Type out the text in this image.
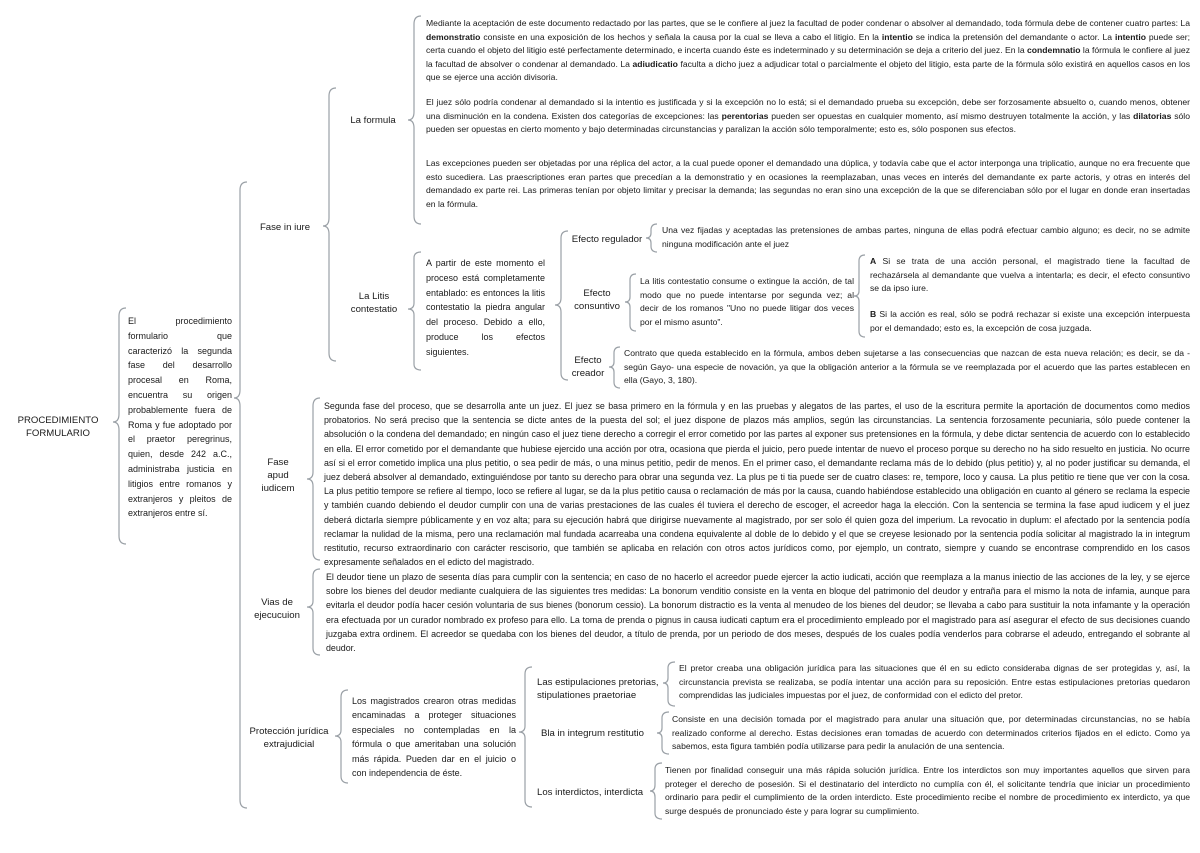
PROCEDIMIENTO FORMULARIO
El procedimiento formulario que caracterizó la segunda fase del desarrollo procesal en Roma, encuentra su origen probablemente fuera de Roma y fue adoptado por el praetor peregrinus, quien, desde 242 a.C., administraba justicia en litigios entre romanos y extranjeros y pleitos de extranjeros entre sí.
Fase in iure
La formula
Mediante la aceptación de este documento redactado por las partes, que se le confiere al juez la facultad de poder condenar o absolver al demandado, toda fórmula debe de contener cuatro partes: La demonstratio consiste en una exposición de los hechos y señala la causa por la cual se lleva a cabo el litigio. En la intentio se indica la pretensión del demandante o actor. La intentio puede ser; certa cuando el objeto del litigio esté perfectamente determinado, e incerta cuando éste es indeterminado y su determinación se deja a criterio del juez. En la condemnatio la fórmula le confiere al juez la facultad de absolver o condenar al demandado. La adiudicatio faculta a dicho juez a adjudicar total o parcialmente el objeto del litigio, esta parte de la fórmula sólo existirá en aquellos casos en los que se ejerce una acción divisoria.
El juez sólo podría condenar al demandado si la intentio es justificada y si la excepción no lo está; si el demandado prueba su excepción, debe ser forzosamente absuelto o, cuando menos, obtener una disminución en la condena. Existen dos categorías de excepciones: las perentorias pueden ser opuestas en cualquier momento, así mismo destruyen totalmente la acción, y las dilatorias sólo pueden ser opuestas en cierto momento y bajo determinadas circunstancias y paralizan la acción sólo temporalmente; esto es, sólo posponen sus efectos.
Las excepciones pueden ser objetadas por una réplica del actor, a la cual puede oponer el demandado una dúplica, y todavía cabe que el actor interponga una triplicatio, aunque no era frecuente que esto sucediera. Las praescriptiones eran partes que precedían a la demonstratio y en ocasiones la reemplazaban, unas veces en interés del demandante ex parte actoris, y otras en interés del demandado ex parte rei. Las primeras tenían por objeto limitar y precisar la demanda; las segundas no eran sino una excepción de la que se diferenciaban sólo por el lugar en donde eran insertadas en la fórmula.
La Litis contestatio
A partir de este momento el proceso está completamente entablado: es entonces la litis contestatio la piedra angular del proceso. Debido a ello, produce los efectos siguientes.
Efecto regulador
Una vez fijadas y aceptadas las pretensiones de ambas partes, ninguna de ellas podrá efectuar cambio alguno; es decir, no se admite ninguna modificación ante el juez
Efecto consuntivo
La litis contestatio consume o extingue la acción, de tal modo que no puede intentarse por segunda vez; al decir de los romanos "Uno no puede litigar dos veces por el mismo asunto".
A Si se trata de una acción personal, el magistrado tiene la facultad de rechazársela al demandante que vuelva a intentarla; es decir, el efecto consuntivo se da ipso iure.
B Si la acción es real, sólo se podrá rechazar si existe una excepción interpuesta por el demandado; esto es, la excepción de cosa juzgada.
Efecto creador
Contrato que queda establecido en la fórmula, ambos deben sujetarse a las consecuencias que nazcan de esta nueva relación; es decir, se da -según Gayo- una especie de novación, ya que la obligación anterior a la fórmula se ve reemplazada por el acuerdo que las partes establecen en ella (Gayo, 3, 180).
Fase apud iudicem
Segunda fase del proceso, que se desarrolla ante un juez. El juez se basa primero en la fórmula y en las pruebas y alegatos de las partes, el uso de la escritura permite la aportación de documentos como medios probatorios. No será preciso que la sentencia se dicte antes de la puesta del sol; el juez dispone de plazos más amplios, según las circunstancias. La sentencia forzosamente pecuniaria, sólo puede contener la absolución o la condena del demandado; en ningún caso el juez tiene derecho a corregir el error cometido por las partes al exponer sus pretensiones en la fórmula, y debe dictar sentencia de acuerdo con lo establecido en ella. El error cometido por el demandante que hubiese ejercido una acción por otra, ocasiona que pierda el juicio, pero puede intentar de nuevo el proceso porque su derecho no ha sido resuelto en justicia. No ocurre así si el error cometido implica una plus petitio, o sea pedir de más, o una minus petitio, pedir de menos. En el primer caso, el demandante reclama más de lo debido (plus petitio) y, al no poder justificar su demanda, el juez deberá absolver al demandado, extinguiéndose por tanto su derecho para obrar una segunda vez. La plus pe ti tia puede ser de cuatro clases: re, tempore, loco y causa. La plus petitio re tiene que ver con la cosa. La plus petitio tempore se refiere al tiempo, loco se refiere al lugar, se da la plus petitio causa o reclamación de más por la causa, cuando habiéndose establecido una obligación en cuanto al género se reclama la especie y también cuando debiendo el deudor cumplir con una de varias prestaciones de las cuales él tuviera el derecho de escoger, el acreedor haga la elección. Con la sentencia se termina la fase apud iudicem y el juez deberá dictarla siempre públicamente y en voz alta; para su ejecución habrá que dirigirse nuevamente al magistrado, por ser solo él quien goza del imperium. La revocatio in duplum: el afectado por la sentencia podía reclamar la nulidad de la misma, pero una reclamación mal fundada acarreaba una condena equivalente al doble de lo debido y el que se creyese lesionado por la sentencia podía solicitar al magistrado la in integrum restitutio, recurso extraordinario con carácter rescisorio, que también se aplicaba en relación con otros actos jurídicos como, por ejemplo, un contrato, siempre y cuando se encontrase comprendido en los casos expresamente señalados en el edicto del magistrado.
Vias de ejecucuion
El deudor tiene un plazo de sesenta días para cumplir con la sentencia; en caso de no hacerlo el acreedor puede ejercer la actio iudicati, acción que reemplaza a la manus iniectio de las acciones de la ley, y se ejerce sobre los bienes del deudor mediante cualquiera de las siguientes tres medidas: La bonorum venditio consiste en la venta en bloque del patrimonio del deudor y entraña para el mismo la nota de infamia, aunque para evitarla el deudor podía hacer cesión voluntaria de sus bienes (bonorum cessio). La bonorum distractio es la venta al menudeo de los bienes del deudor; se llevaba a cabo para sustituir la nota infamante y la operación era efectuada por un curador nombrado ex profeso para ello. La toma de prenda o pignus in causa iudicati captum era el procedimiento empleado por el magistrado para así asegurar el efecto de sus decisiones cuando juzgaba extra ordinem. El acreedor se quedaba con los bienes del deudor, a título de prenda, por un periodo de dos meses, después de los cuales podía venderlos para cobrarse el adeudo, entregando el sobrante al deudor.
Protección jurídica extrajudicial
Los magistrados crearon otras medidas encaminadas a proteger situaciones especiales no contempladas en la fórmula o que ameritaban una solución más rápida. Pueden dar en el juicio o con independencia de éste.
Las estipulaciones pretorias, stipulationes praetoriae
El pretor creaba una obligación jurídica para las situaciones que él en su edicto consideraba dignas de ser protegidas y, así, la circunstancia prevista se realizaba, se podía intentar una acción para su reposición. Entre estas estipulaciones pretorias quedaron comprendidas las judiciales impuestas por el juez, de conformidad con el edicto del pretor.
Bla in integrum restitutio
Consiste en una decisión tomada por el magistrado para anular una situación que, por determinadas circunstancias, no se había realizado conforme al derecho. Estas decisiones eran tomadas de acuerdo con determinados criterios fijados en el edicto. Como ya sabemos, esta figura también podía utilizarse para pedir la anulación de una sentencia.
Los interdictos, interdicta
Tienen por finalidad conseguir una más rápida solución jurídica. Entre los interdictos son muy importantes aquellos que sirven para proteger el derecho de posesión. Si el destinatario del interdicto no cumplía con él, el solicitante tendría que iniciar un procedimiento ordinario para pedir el cumplimiento de la orden interdicto. Este procedimiento recibe el nombre de procedimiento ex interdicto, ya que surge después de pronunciado éste y para lograr su cumplimiento.
